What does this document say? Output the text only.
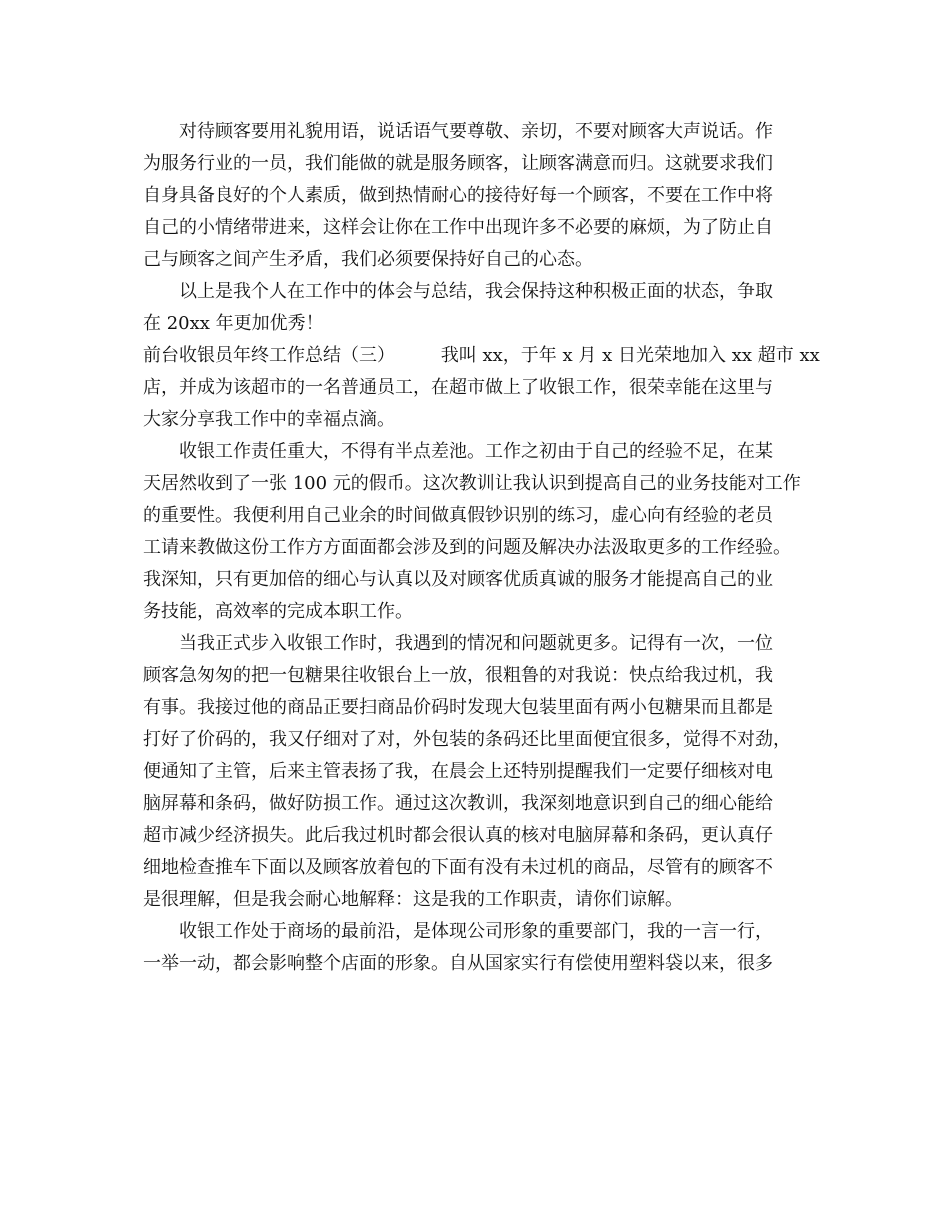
对待顾客要用礼貌用语，说话语气要尊敬、亲切，不要对顾客大声说话。作
为服务行业的一员，我们能做的就是服务顾客，让顾客满意而归。这就要求我们
自身具备良好的个人素质，做到热情耐心的接待好每一个顾客，不要在工作中将
自己的小情绪带进来，这样会让你在工作中出现许多不必要的麻烦，为了防止自
己与顾客之间产生矛盾，我们必须要保持好自己的心态。
以上是我个人在工作中的体会与总结，我会保持这种积极正面的状态，争取
在 20xx 年更加优秀！
前台收银员年终工作总结（三）        我叫 xx，于年 x 月 x 日光荣地加入 xx 超市 xx
店，并成为该超市的一名普通员工，在超市做上了收银工作，很荣幸能在这里与
大家分享我工作中的幸福点滴。
收银工作责任重大，不得有半点差池。工作之初由于自己的经验不足，在某
天居然收到了一张 100 元的假币。这次教训让我认识到提高自己的业务技能对工作
的重要性。我便利用自己业余的时间做真假钞识别的练习，虚心向有经验的老员
工请来教做这份工作方方面面都会涉及到的问题及解决办法汲取更多的工作经验。
我深知，只有更加倍的细心与认真以及对顾客优质真诚的服务才能提高自己的业
务技能，高效率的完成本职工作。
当我正式步入收银工作时，我遇到的情况和问题就更多。记得有一次，一位
顾客急匆匆的把一包糖果往收银台上一放，很粗鲁的对我说：快点给我过机，我
有事。我接过他的商品正要扫商品价码时发现大包装里面有两小包糖果而且都是
打好了价码的，我又仔细对了对，外包装的条码还比里面便宜很多，觉得不对劲，
便通知了主管，后来主管表扬了我，在晨会上还特别提醒我们一定要仔细核对电
脑屏幕和条码，做好防损工作。通过这次教训，我深刻地意识到自己的细心能给
超市减少经济损失。此后我过机时都会很认真的核对电脑屏幕和条码，更认真仔
细地检查推车下面以及顾客放着包的下面有没有未过机的商品，尽管有的顾客不
是很理解，但是我会耐心地解释：这是我的工作职责，请你们谅解。
收银工作处于商场的最前沿，是体现公司形象的重要部门，我的一言一行，
一举一动，都会影响整个店面的形象。自从国家实行有偿使用塑料袋以来，很多
